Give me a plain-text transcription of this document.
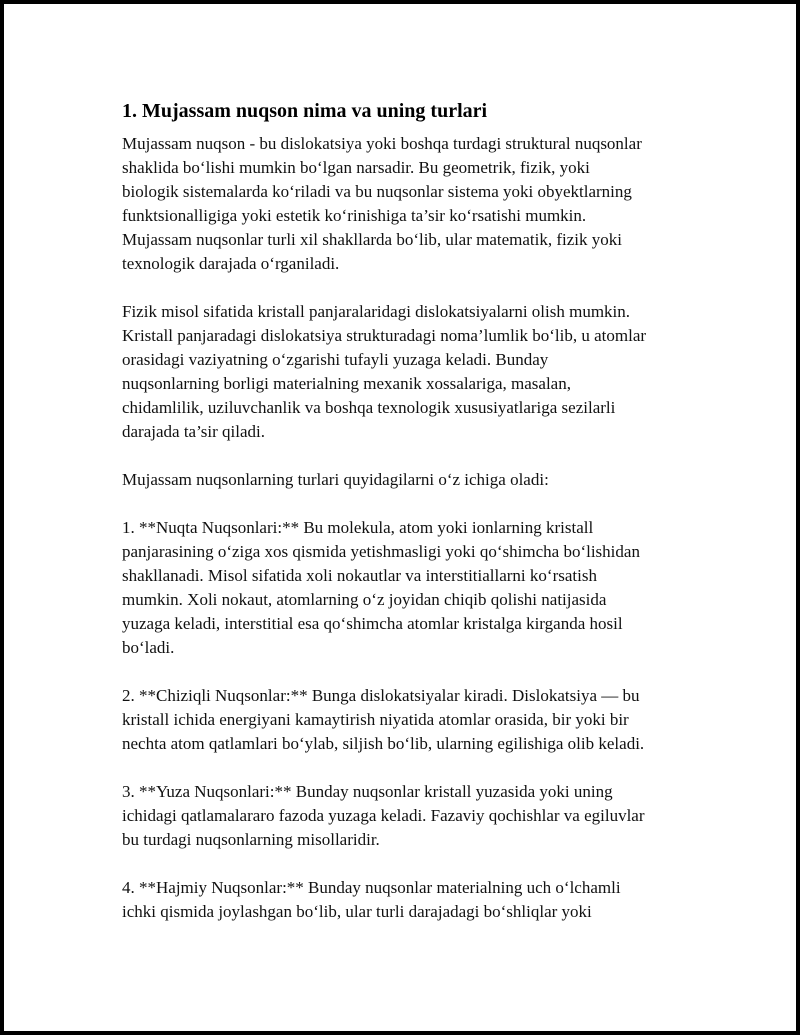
1. Mujassam nuqson nima va uning turlari

Mujassam nuqson - bu dislokatsiya yoki boshqa turdagi struktural nuqsonlar
shaklida bo‘lishi mumkin bo‘lgan narsadir. Bu geometrik, fizik, yoki
biologik sistemalarda ko‘riladi va bu nuqsonlar sistema yoki obyektlarning
funktsionalligiga yoki estetik ko‘rinishiga ta’sir ko‘rsatishi mumkin.
Mujassam nuqsonlar turli xil shakllarda bo‘lib, ular matematik, fizik yoki
texnologik darajada o‘rganiladi.

Fizik misol sifatida kristall panjaralaridagi dislokatsiyalarni olish mumkin.
Kristall panjaradagi dislokatsiya strukturadagi noma’lumlik bo‘lib, u atomlar
orasidagi vaziyatning o‘zgarishi tufayli yuzaga keladi. Bunday
nuqsonlarning borligi materialning mexanik xossalariga, masalan,
chidamlilik, uziluvchanlik va boshqa texnologik xususiyatlariga sezilarli
darajada ta’sir qiladi.

Mujassam nuqsonlarning turlari quyidagilarni o‘z ichiga oladi:

1. **Nuqta Nuqsonlari:** Bu molekula, atom yoki ionlarning kristall
panjarasining o‘ziga xos qismida yetishmasligi yoki qo‘shimcha bo‘lishidan
shakllanadi. Misol sifatida xoli nokautlar va interstitiallarni ko‘rsatish
mumkin. Xoli nokaut, atomlarning o‘z joyidan chiqib qolishi natijasida
yuzaga keladi, interstitial esa qo‘shimcha atomlar kristalga kirganda hosil
bo‘ladi.

2. **Chiziqli Nuqsonlar:** Bunga dislokatsiyalar kiradi. Dislokatsiya — bu
kristall ichida energiyani kamaytirish niyatida atomlar orasida, bir yoki bir
nechta atom qatlamlari bo‘ylab, siljish bo‘lib, ularning egilishiga olib keladi.

3. **Yuza Nuqsonlari:** Bunday nuqsonlar kristall yuzasida yoki uning
ichidagi qatlamalararo fazoda yuzaga keladi. Fazaviy qochishlar va egiluvlar
bu turdagi nuqsonlarning misollaridir.

4. **Hajmiy Nuqsonlar:** Bunday nuqsonlar materialning uch o‘lchamli
ichki qismida joylashgan bo‘lib, ular turli darajadagi bo‘shliqlar yoki
